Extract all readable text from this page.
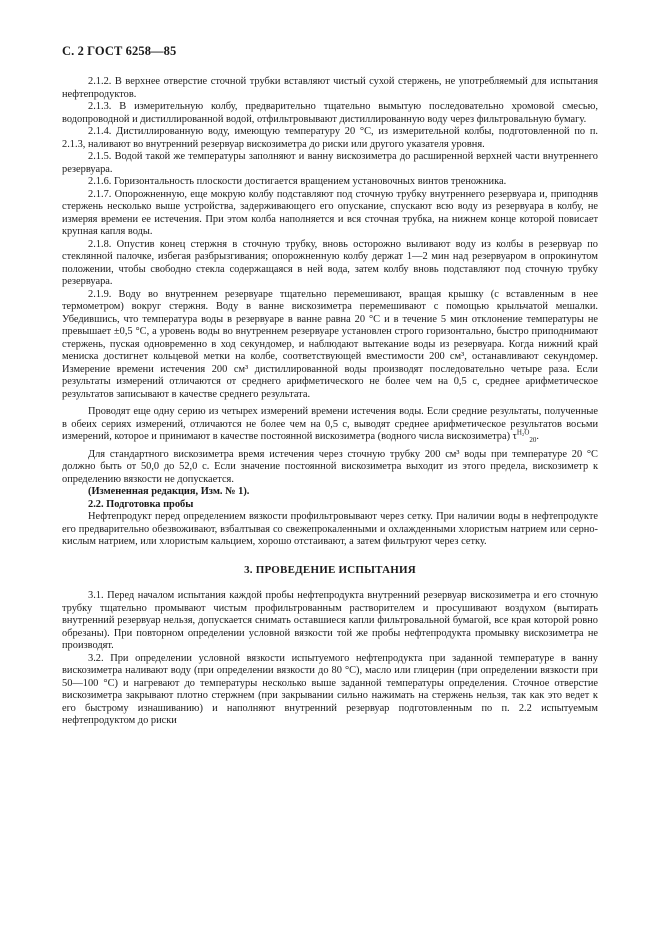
С. 2 ГОСТ 6258—85

2.1.2. В верхнее отверстие сточной трубки вставляют чистый сухой стержень, не употребляемый для испытания нефтепродуктов.

2.1.3. В измерительную колбу, предварительно тщательно вымытую последовательно хромовой смесью, водопроводной и дистиллированной водой, отфильтровывают дистиллированную воду через фильтровальную бумагу.

2.1.4. Дистиллированную воду, имеющую температуру 20 °С, из измерительной колбы, подготовленной по п. 2.1.3, наливают во внутренний резервуар вискозиметра до риски или другого указателя уровня.

2.1.5. Водой такой же температуры заполняют и ванну вискозиметра до расширенной верхней части внутреннего резервуара.

2.1.6. Горизонтальность плоскости достигается вращением установочных винтов треножника.

2.1.7. Опорожненную, еще мокрую колбу подставляют под сточную трубку внутреннего резервуара и, приподняв стержень несколько выше устройства, задерживающего его опускание, спускают всю воду из резервуара в колбу, не измеряя времени ее истечения. При этом колба наполняется и вся сточная трубка, на нижнем конце которой повисает крупная капля воды.

2.1.8. Опустив конец стержня в сточную трубку, вновь осторожно выливают воду из колбы в резервуар по стеклянной палочке, избегая разбрызгивания; опорожненную колбу держат 1—2 мин над резервуаром в опрокинутом положении, чтобы свободно стекла содержащаяся в ней вода, затем колбу вновь подставляют под сточную трубку резервуара.

2.1.9. Воду во внутреннем резервуаре тщательно перемешивают, вращая крышку (с вставленным в нее термометром) вокруг стержня. Воду в ванне вискозиметра перемешивают с помощью крыльчатой мешалки. Убедившись, что температура воды в резервуаре в ванне равна 20 °С и в течение 5 мин отклонение температуры не превышает ±0,5 °С, а уровень воды во внутреннем резервуаре установлен строго горизонтально, быстро приподнимают стержень, пуская одновременно в ход секундомер, и наблюдают вытекание воды из резервуара. Когда нижний край мениска достигнет кольцевой метки на колбе, соответствующей вместимости 200 см³, останавливают секундомер. Измерение времени истечения 200 см³ дистиллированной воды производят последовательно четыре раза. Если результаты измерений отличаются от среднего арифметического не более чем на 0,5 с, среднее арифметическое результатов записывают в качестве среднего результата.

Проводят еще одну серию из четырех измерений времени истечения воды. Если средние результаты, полученные в обеих сериях измерений, отличаются не более чем на 0,5 с, выводят среднее арифметическое результатов восьми измерений, которое и принимают в качестве постоянной вискозиметра (водного числа вискозиметра) $\tau^{H_2O}_{20}$.

Для стандартного вискозиметра время истечения через сточную трубку 200 см³ воды при температуре 20 °С должно быть от 50,0 до 52,0 с. Если значение постоянной вискозиметра выходит из этого предела, вискозиметр к определению вязкости не допускается.

(Измененная редакция, Изм. № 1).

2.2. Подготовка пробы

Нефтепродукт перед определением вязкости профильтровывают через сетку. При наличии воды в нефтепродукте его предварительно обезвоживают, взбалтывая со свежепрокаленными и охлажденными хлористым натрием или серно-кислым натрием, или хлористым кальцием, хорошо отстаивают, а затем фильтруют через сетку.

3. ПРОВЕДЕНИЕ ИСПЫТАНИЯ

3.1. Перед началом испытания каждой пробы нефтепродукта внутренний резервуар вискозиметра и его сточную трубку тщательно промывают чистым профильтрованным растворителем и просушивают воздухом (вытирать внутренний резервуар нельзя, допускается снимать оставшиеся капли фильтровальной бумагой, все края которой ровно обрезаны). При повторном определении условной вязкости той же пробы нефтепродукта промывку вискозиметра не производят.

3.2. При определении условной вязкости испытуемого нефтепродукта при заданной температуре в ванну вискозиметра наливают воду (при определении вязкости до 80 °С), масло или глицерин (при определении вязкости при 50—100 °С) и нагревают до температуры несколько выше заданной температуры определения. Сточное отверстие вискозиметра закрывают плотно стержнем (при закрывании сильно нажимать на стержень нельзя, так как это ведет к его быстрому изнашиванию) и наполняют внутренний резервуар подготовленным по п. 2.2 испытуемым нефтепродуктом до риски
